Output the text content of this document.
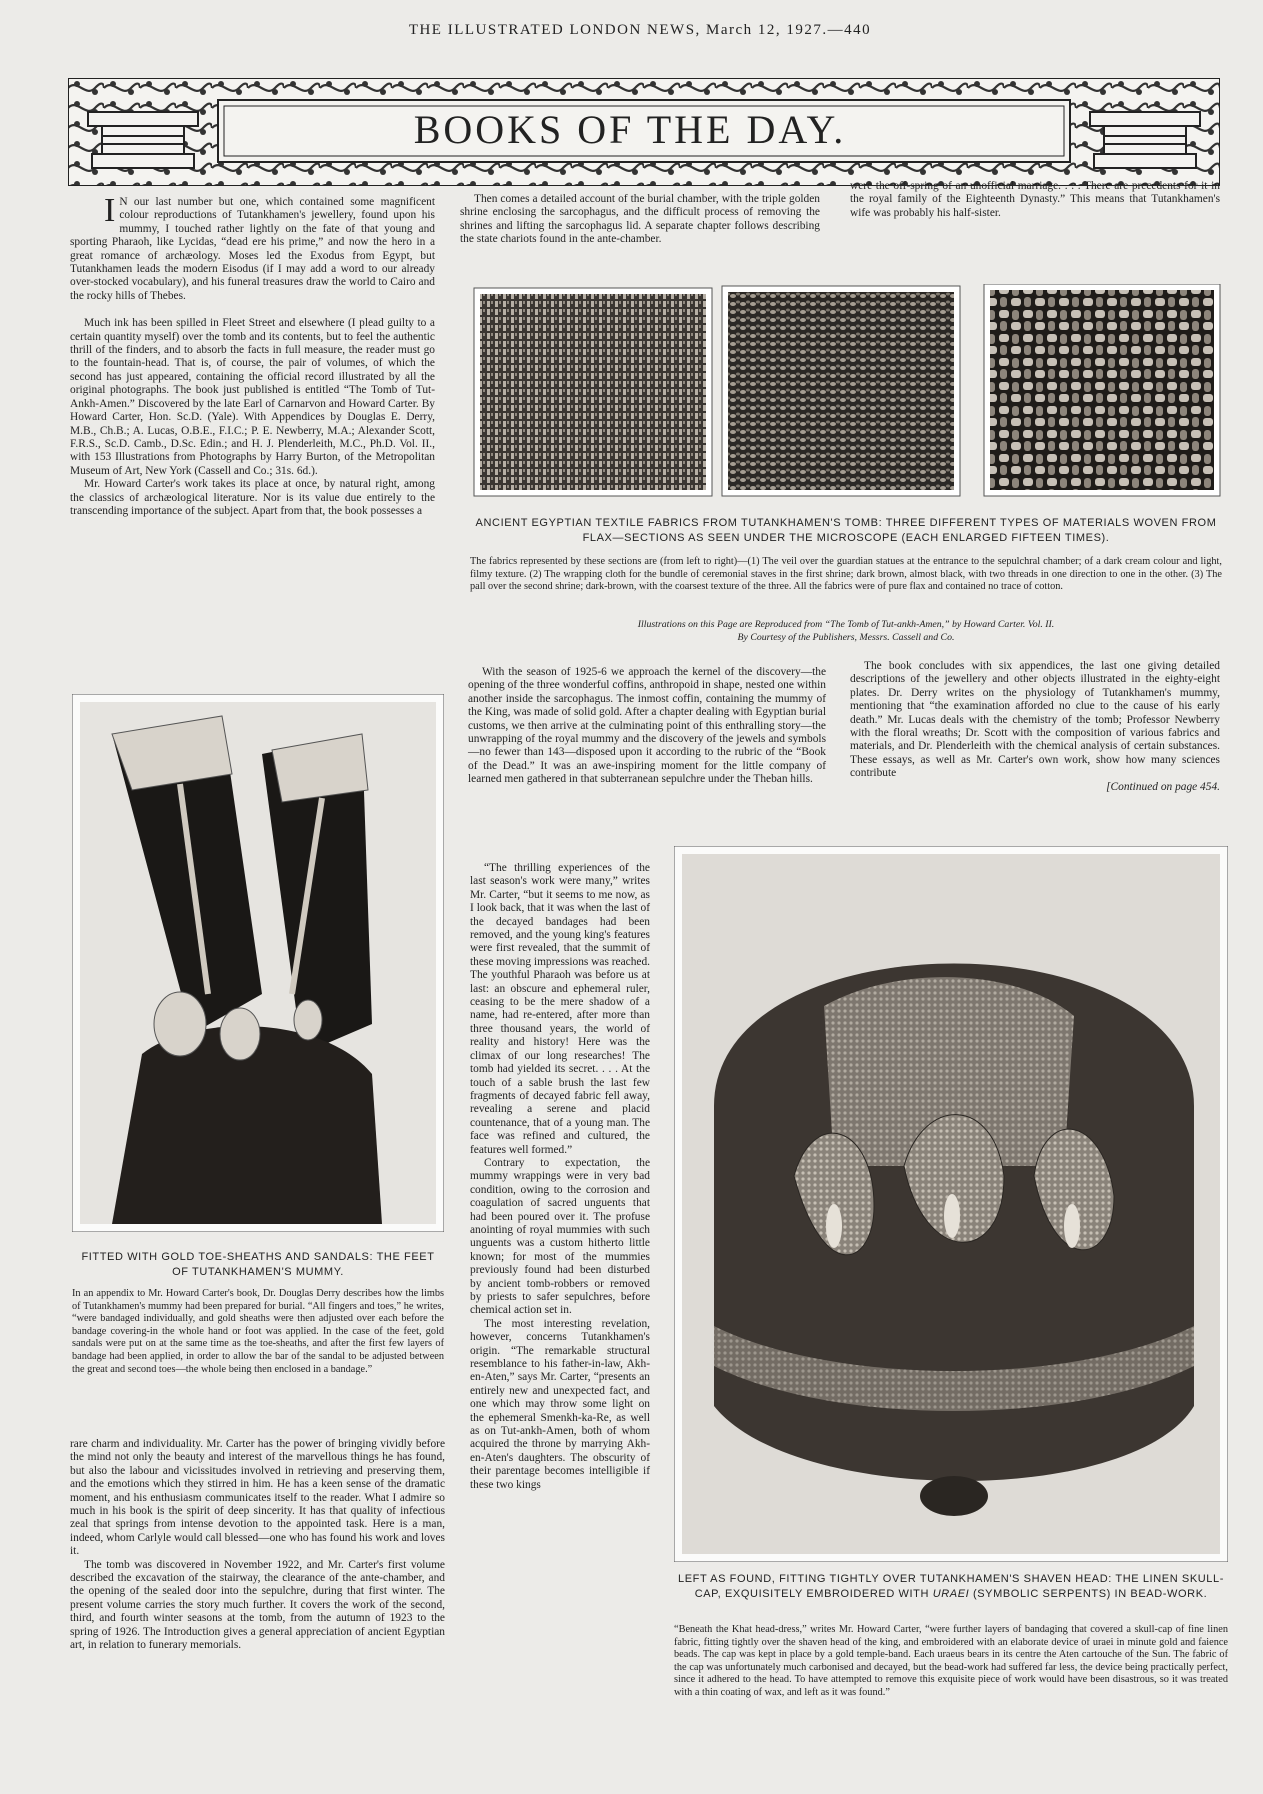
THE ILLUSTRATED LONDON NEWS, March 12, 1927.—440
BOOKS OF THE DAY.

I N our last number but one, which contained some magnificent colour reproductions of Tutankhamen's jewellery, found upon his mummy, I touched rather lightly on the fate of that young and sporting Pharaoh, like Lycidas, “dead ere his prime,” and now the hero in a great romance of archæology. Moses led the Exodus from Egypt, but Tutankhamen leads the modern Eisodus (if I may add a word to our already over-stocked vocabulary), and his funeral treasures draw the world to Cairo and the rocky hills of Thebes.

Much ink has been spilled in Fleet Street and elsewhere (I plead guilty to a certain quantity myself) over the tomb and its contents, but to feel the authentic thrill of the finders, and to absorb the facts in full measure, the reader must go to the fountain-head. That is, of course, the pair of volumes, of which the second has just appeared, containing the official record illustrated by all the original photographs. The book just published is entitled “The Tomb of Tut-Ankh-Amen.” Discovered by the late Earl of Carnarvon and Howard Carter. By Howard Carter, Hon. Sc.D. (Yale). With Appendices by Douglas E. Derry, M.B., Ch.B.; A. Lucas, O.B.E., F.I.C.; P. E. Newberry, M.A.; Alexander Scott, F.R.S., Sc.D. Camb., D.Sc. Edin.; and H. J. Plenderleith, M.C., Ph.D. Vol. II., with 153 Illustrations from Photographs by Harry Burton, of the Metropolitan Museum of Art, New York (Cassell and Co.; 31s. 6d.).

Mr. Howard Carter's work takes its place at once, by natural right, among the classics of archæological literature. Nor is its value due entirely to the transcending importance of the subject. Apart from that, the book possesses a

Then comes a detailed account of the burial chamber, with the triple golden shrine enclosing the sarcophagus, and the difficult process of removing the shrines and lifting the sarcophagus lid. A separate chapter follows describing the state chariots found in the ante-chamber.

were the off-spring of an unofficial marriage. . . . There are precedents for it in the royal family of the Eighteenth Dynasty.” This means that Tutankhamen's wife was probably his half-sister.

ANCIENT EGYPTIAN TEXTILE FABRICS FROM TUTANKHAMEN'S TOMB: THREE DIFFERENT TYPES OF MATERIALS WOVEN FROM FLAX—SECTIONS AS SEEN UNDER THE MICROSCOPE (EACH ENLARGED FIFTEEN TIMES).
The fabrics represented by these sections are (from left to right)—(1) The veil over the guardian statues at the entrance to the sepulchral chamber; of a dark cream colour and light, filmy texture. (2) The wrapping cloth for the bundle of ceremonial staves in the first shrine; dark brown, almost black, with two threads in one direction to one in the other. (3) The pall over the second shrine; dark-brown, with the coarsest texture of the three. All the fabrics were of pure flax and contained no trace of cotton.
Illustrations on this Page are Reproduced from “The Tomb of Tut-ankh-Amen,” by Howard Carter. Vol. II.
By Courtesy of the Publishers, Messrs. Cassell and Co.
FITTED WITH GOLD TOE-SHEATHS AND SANDALS: THE FEET OF TUTANKHAMEN'S MUMMY.
In an appendix to Mr. Howard Carter's book, Dr. Douglas Derry describes how the limbs of Tutankhamen's mummy had been prepared for burial. “All fingers and toes,” he writes, “were bandaged individually, and gold sheaths were then adjusted over each before the bandage covering-in the whole hand or foot was applied. In the case of the feet, gold sandals were put on at the same time as the toe-sheaths, and after the first few layers of bandage had been applied, in order to allow the bar of the sandal to be adjusted between the great and second toes—the whole being then enclosed in a bandage.”

rare charm and individuality. Mr. Carter has the power of bringing vividly before the mind not only the beauty and interest of the marvellous things he has found, but also the labour and vicissitudes involved in retrieving and preserving them, and the emotions which they stirred in him. He has a keen sense of the dramatic moment, and his enthusiasm communicates itself to the reader. What I admire so much in his book is the spirit of deep sincerity. It has that quality of infectious zeal that springs from intense devotion to the appointed task. Here is a man, indeed, whom Carlyle would call blessed—one who has found his work and loves it.

The tomb was discovered in November 1922, and Mr. Carter's first volume described the excavation of the stairway, the clearance of the ante-chamber, and the opening of the sealed door into the sepulchre, during that first winter. The present volume carries the story much further. It covers the work of the second, third, and fourth winter seasons at the tomb, from the autumn of 1923 to the spring of 1926. The Introduction gives a general appreciation of ancient Egyptian art, in relation to funerary memorials.

With the season of 1925-6 we approach the kernel of the discovery—the opening of the three wonderful coffins, anthropoid in shape, nested one within another inside the sarcophagus. The inmost coffin, containing the mummy of the King, was made of solid gold. After a chapter dealing with Egyptian burial customs, we then arrive at the culminating point of this enthralling story—the unwrapping of the royal mummy and the discovery of the jewels and symbols—no fewer than 143—disposed upon it according to the rubric of the “Book of the Dead.” It was an awe-inspiring moment for the little company of learned men gathered in that subterranean sepulchre under the Theban hills.

“The thrilling experiences of the last season's work were many,” writes Mr. Carter, “but it seems to me now, as I look back, that it was when the last of the decayed bandages had been removed, and the young king's features were first revealed, that the summit of these moving impressions was reached. The youthful Pharaoh was before us at last: an obscure and ephemeral ruler, ceasing to be the mere shadow of a name, had re-entered, after more than three thousand years, the world of reality and history! Here was the climax of our long researches! The tomb had yielded its secret. . . . At the touch of a sable brush the last few fragments of decayed fabric fell away, revealing a serene and placid countenance, that of a young man. The face was refined and cultured, the features well formed.”

Contrary to expectation, the mummy wrappings were in very bad condition, owing to the corrosion and coagulation of sacred unguents that had been poured over it. The profuse anointing of royal mummies with such unguents was a custom hitherto little known; for most of the mummies previously found had been disturbed by ancient tomb-robbers or removed by priests to safer sepulchres, before chemical action set in.

The most interesting revelation, however, concerns Tutankhamen's origin. “The remarkable structural resemblance to his father-in-law, Akh-en-Aten,” says Mr. Carter, “presents an entirely new and unexpected fact, and one which may throw some light on the ephemeral Smenkh-ka-Re, as well as on Tut-ankh-Amen, both of whom acquired the throne by marrying Akh-en-Aten's daughters. The obscurity of their parentage becomes intelligible if these two kings

The book concludes with six appendices, the last one giving detailed descriptions of the jewellery and other objects illustrated in the eighty-eight plates. Dr. Derry writes on the physiology of Tutankhamen's mummy, mentioning that “the examination afforded no clue to the cause of his early death.” Mr. Lucas deals with the chemistry of the tomb; Professor Newberry with the floral wreaths; Dr. Scott with the composition of various fabrics and materials, and Dr. Plenderleith with the chemical analysis of certain substances. These essays, as well as Mr. Carter's own work, show how many sciences contribute

[Continued on page 454.
LEFT AS FOUND, FITTING TIGHTLY OVER TUTANKHAMEN'S SHAVEN HEAD: THE LINEN SKULL-CAP, EXQUISITELY EMBROIDERED WITH URAEI (SYMBOLIC SERPENTS) IN BEAD-WORK.
“Beneath the Khat head-dress,” writes Mr. Howard Carter, “were further layers of bandaging that covered a skull-cap of fine linen fabric, fitting tightly over the shaven head of the king, and embroidered with an elaborate device of uraei in minute gold and faience beads. The cap was kept in place by a gold temple-band. Each uraeus bears in its centre the Aten cartouche of the Sun. The fabric of the cap was unfortunately much carbonised and decayed, but the bead-work had suffered far less, the device being practically perfect, since it adhered to the head. To have attempted to remove this exquisite piece of work would have been disastrous, so it was treated with a thin coating of wax, and left as it was found.”
